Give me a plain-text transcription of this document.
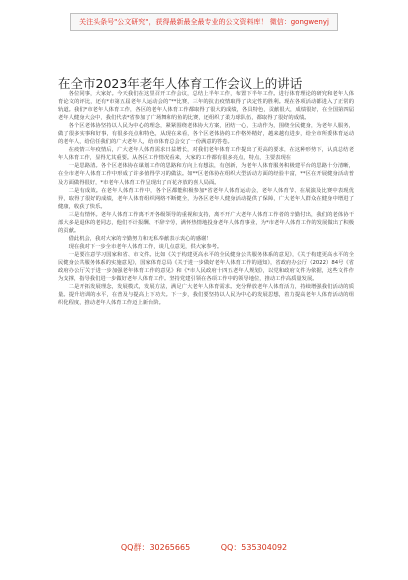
关注头条号"公文研究"，获得最新最全最专业的公文资料库！ 微信：gongwenyj
在全市2023年老年人体育工作会议上的讲话

各位同事，大家好。今天我们在这里召开工作会议，总结上半年工作，布置下半年工作。进行体育理论的研究和老年人体育论文的评比，还有*市第五届老年人运动会的“**比赛，三年的抗击疫情取得了决定性的胜利。现在各项活动都进入了正常的轨道。我们*市老年人体育工作，各区的老年人体育工作都取得了很大的成绩，各具特色，贡献很大，成绩很好，在全国第四届老年人健身大会中，我们代表*省参加了广场舞和钓鱼的比赛，还组织了柔力球队伍，都取得了很好的成绩。

各个区老体协坚持以人民为中心的理念，紧紧围绕老体协大方案，团结一心，主动作为，围绕全民健身，为老年人服务，做了很多实事和好事，有很多亮点和特色，从现在来看，各个区老体协的工作格外精好，越来越有进步，给全市所委体育运动的老年人，给信任我们的广大老年人，给市体育总会交了一份满意的答卷。

在疫情三年疫情后，广大老年人体育需求日益增长，对我们老年体育工作提出了更高的要求，在这种形势下，认真总结老年人体育工作，显得尤其重要。从各区工作情况看来，大家的工作都有很多亮点，特点，主要表现在

一是思路清。各个区老体协在谋划工作的思路和方向上有想法，有创新，为老年人体育服务积极建平台的思路十分清晰，在全市老年人体育工作中形成了许多值得学习的做法。如**区老体协在组织大型活动方面的经验丰富，**区在开展健身活动普及方面做得很好，*市老年人体育工作呈现出了百花齐放的喜人局面。

二是有成效。在老年人体育工作中，各个区都能积极参加*省老年人体育运动会，老年人体育节、在展演及比赛中表现优异，取得了很好的成绩，老年人体育组织网络不断健全，为各区老年人健身活动提供了保障，广大老年人群众在健身中增进了健康，收获了快乐。

三是有情怀。老年人体育工作离不开各级领导的重视和支持，离不开广大老年人体育工作者的辛勤付出，我们的老体协干部大多是退休的老同志，他们不计报酬、不辞辛劳，满怀热情地投身老年人体育事业，为*市老年人体育工作的发展做出了积极的贡献。

借此机会，我对大家的辛勤努力和无私奉献表示衷心的感谢！

现在我对下一步全市老年人体育工作，谈几点意见，供大家参考。

一是要注意学习国家和省、市文件。比如《关于构建更高水平的全民健身公共服务体系的意见》，《关于构建更高水平的全民健身公共服务体系的实施意见》，国家体育总局《关于进一步做好老年人体育工作的通知》，省政府办公厅（2022）84号《省政府办公厅关于进一步加强老年体育工作的意见》和《*市人民政府十四五老年人规划》，以党和政府文件为依据，这些文件作为支撑，指导我们进一步做好老年人体育工作。坚持党建引领在各项工作中的领导地位，推动工作高质量发展。

二是开拓发展理念，发展模式，发展方法，满足广大老年人体育需求。充分释放老年人体育活力，持续增强我们活动的质量。提升培训的水平，在普及与提高上下功夫。下一步，我们要坚持以人民为中心的发展思想，着力提高老年人体育活动的组织化程度，推动老年人体育工作迈上新台阶。

QQ群：30265665	QQ：535304092
